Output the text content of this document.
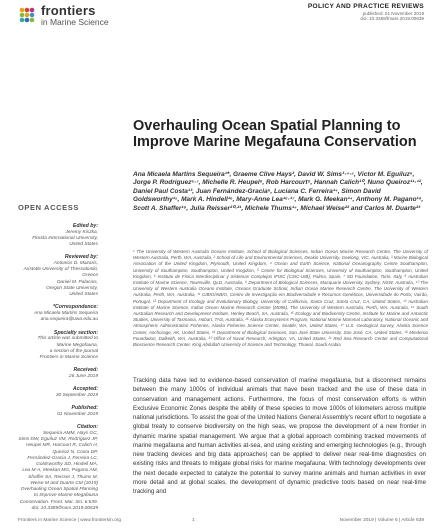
frontiers
in Marine Science
POLICY AND PRACTICE REVIEWS
published: 01 November 2019
doi: 10.3389/fmars.2019.00639
OPEN ACCESS
Edited by:
Jeremy Kiszka,
Florida International University,
United States
Reviewed by:
Antonios D. Mazaris,
Aristotle University of Thessaloniki,
Greece
Daniel M. Palacios,
Oregon State University,
United States
*Correspondence:
Ana Micaela Martins Sequeira
ana.sequeira@uwa.edu.au
Specialty section:
This article was submitted to
Marine Megafauna,
a section of the journal
Frontiers in Marine Science
Received:
26 June 2019
Accepted:
30 September 2019
Published:
01 November 2019
Citation:
Sequeira AMM, Hays GC,
Sims DW, Eguíluz VM, Rodríguez JP,
Heupel MR, Harcourt R, Calich H,
Queiroz N, Costa DP,
Fernández-Gracia J, Ferreira LC,
Goldsworthy SD, Hindell MA,
Lea M-A, Meekan MG, Pagano AM,
Shaffer SA, Reisser J, Thums M,
Weise M and Duarte CM (2019)
Overhauling Ocean Spatial Planning
to Improve Marine Megafauna
Conservation. Front. Mar. Sci. 6:639.
doi: 10.3389/fmars.2019.00639
Overhauling Ocean Spatial Planning to Improve Marine Megafauna Conservation
Ana Micaela Martins Sequeira¹*, Graeme Clive Hays², David W. Sims³·⁴·⁵, Víctor M. Eguíluz⁶, Jorge P. Rodríguez⁶·⁷, Michelle R. Heupel⁸, Rob Harcourt⁹, Hannah Calich¹⁰, Nuno Queiroz¹¹·¹², Daniel Paul Costa¹³, Juan Fernández-Gracia⁶, Luciana C. Ferreira¹⁴, Simon David Goldsworthy¹⁵, Mark A. Hindell¹⁶, Mary-Anne Lea¹⁶·¹⁷, Mark G. Meekan¹⁴, Anthony M. Pagano¹⁸, Scott A. Shaffer¹⁹, Julia Reisser²⁰·²¹, Michele Thums¹⁴, Michael Weise²² and Carlos M. Duarte²³
¹ The University of Western Australia Oceans Institute, School of Biological Sciences, Indian Ocean Marine Research Centre, The University of Western Australia, Perth, WA, Australia, ² School of Life and Environmental Sciences, Deakin University, Geelong, VIC, Australia, ³ Marine Biological Association of the United Kingdom, Plymouth, United Kingdom, ⁴ Ocean and Earth Science, National Oceanography Centre Southampton, University of Southampton, Southampton, United Kingdom, ⁵ Centre for Biological Sciences, University of Southampton, Southampton, United Kingdom, ⁶ Instituto de Física Interdisciplinar y Sistemas Complejos IFISC (CSIC-UIB), Palma, Spain, ⁷ SD Foundation, Turin, Italy, ⁸ Australian Institute of Marine Science, Townsville, QLD, Australia, ⁹ Department of Biological Sciences, Macquarie University, Sydney, NSW, Australia, ¹⁰ The University of Western Australia Oceans Institute, Oceans Graduate School, Indian Ocean Marine Research Centre, The University of Western Australia, Perth, WA, Australia, ¹¹ CIBIO/InBIO, Centro de Investigação em Biodiversidade e Recursos Genéticos, Universidade do Porto, Vairão, Portugal, ¹² Department of Ecology and Evolutionary Biology, University of California, Santa Cruz, Santa Cruz, CA, United States, ¹³ Australian Institute of Marine Science, Indian Ocean Marine Research Centre (M096), The University of Western Australia, Perth, WA, Australia, ¹⁴ South Australian Research and Development Institute, Henley Beach, SA, Australia, ¹⁵ Ecology and Biodiversity Centre, Institute for Marine and Antarctic Studies, University of Tasmania, Hobart, TAS, Australia, ¹⁶ Alaska Ecosystems Program, National Marine Mammal Laboratory, National Oceanic and Atmospheric Administration Fisheries, Alaska Fisheries Science Center, Seattle, WA, United States, ¹⁷ U.S. Geological Survey, Alaska Science Center, Anchorage, AK, United States, ¹⁸ Department of Biological Sciences, San José State University, San José, CA, United States, ¹⁹ Minderoo Foundation, Dalkeith, WA, Australia, ²⁰ Office of Naval Research, Arlington, VA, United States, ²¹ Red Sea Research Center and Computational Bioscience Research Center, King Abdullah University of Science and Technology, Thuwal, Saudi Arabia
Tracking data have led to evidence-based conservation of marine megafauna, but a disconnect remains between the many 1000s of individual animals that have been tracked and the use of these data in conservation and management actions. Furthermore, the focus of most conservation efforts is within Exclusive Economic Zones despite the ability of these species to move 1000s of kilometers across multiple national jurisdictions. To assist the goal of the United Nations General Assembly's recent effort to negotiate a global treaty to conserve biodiversity on the high seas, we propose the development of a new frontier in dynamic marine spatial management. We argue that a global approach combining tracked movements of marine megafauna and human activities at-sea, and using existing and emerging technologies (e.g., through new tracking devices and big data approaches) can be applied to deliver near real-time diagnostics on existing risks and threats to mitigate global risks for marine megafauna. With technology developments over the next decade expected to catalyze the potential to survey marine animals and human activities in ever more detail and at global scales, the development of dynamic predictive tools based on near real-time tracking and
Frontiers in Marine Science | www.frontiersin.org	1	November 2019 | Volume 6 | Article 639
